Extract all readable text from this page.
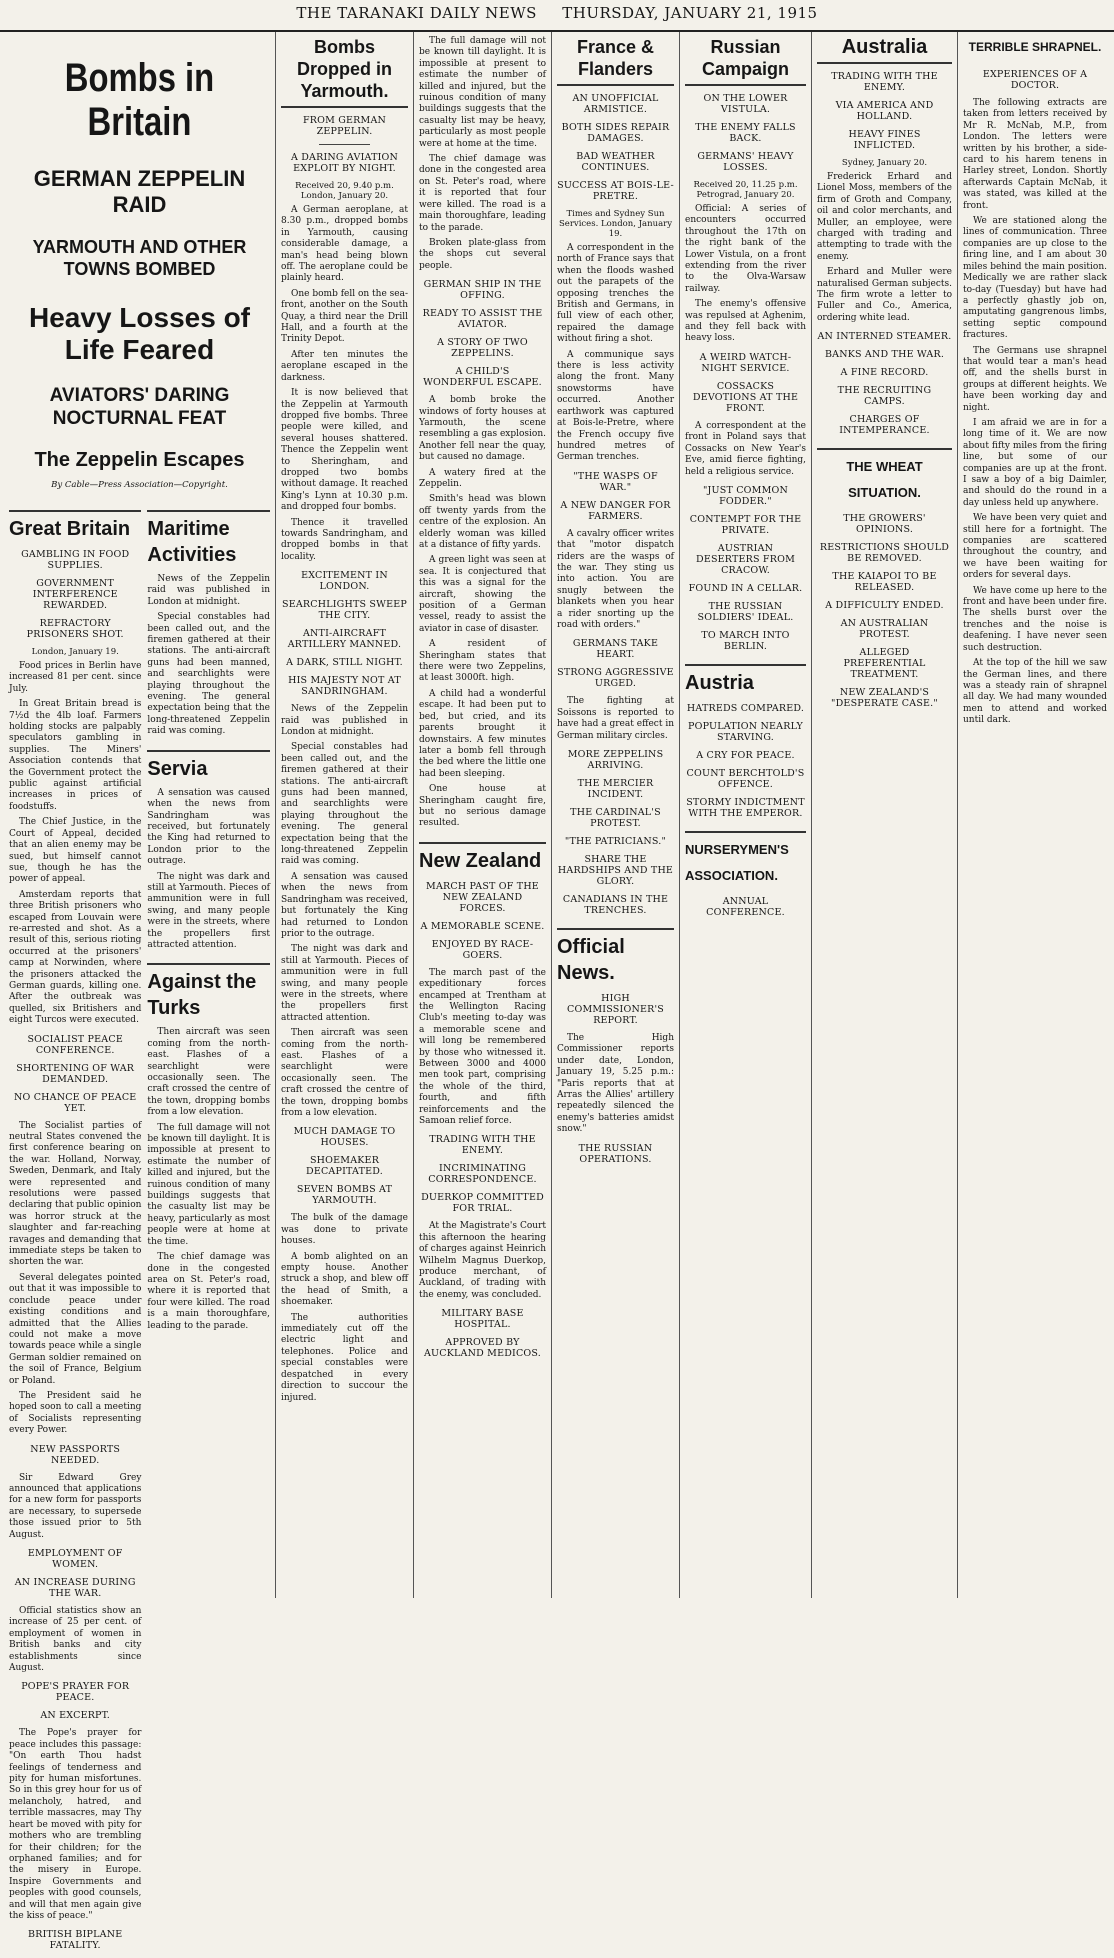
THE TARANAKI DAILY NEWS THURSDAY, JANUARY 21, 1915
Bombs in Britain
GERMAN ZEPPELIN RAID
YARMOUTH AND OTHER TOWNS BOMBED
Heavy Losses of Life Feared
AVIATORS' DARING NOCTURNAL FEAT
The Zeppelin Escapes
By Cable—Press Association—Copyright.
Great Britain
GAMBLING IN FOOD SUPPLIES.
GOVERNMENT INTERFERENCE REWARDED.
REFRACTORY PRISONERS SHOT.
London, January 19.

Food prices in Berlin have increased 81 per cent. since July.

In Great Britain bread is 7½d the 4lb loaf. Farmers holding stocks are palpably speculators gambling in supplies. The Miners' Association contends that the Government protect the public against artificial increases in prices of foodstuffs.

The Chief Justice, in the Court of Appeal, decided that an alien enemy may be sued, but himself cannot sue, though he has the power of appeal.

Amsterdam reports that three British prisoners who escaped from Louvain were re-arrested and shot. As a result of this, serious rioting occurred at the prisoners' camp at Norwinden, where the prisoners attacked the German guards, killing one. After the outbreak was quelled, six Britishers and eight Turcos were executed.

SOCIALIST PEACE CONFERENCE.
SHORTENING OF WAR DEMANDED.
NO CHANCE OF PEACE YET.

The Socialist parties of neutral States convened the first conference bearing on the war. Holland, Norway, Sweden, Denmark, and Italy were represented and resolutions were passed declaring that public opinion was horror struck at the slaughter and far-reaching ravages and demanding that immediate steps be taken to shorten the war.

Several delegates pointed out that it was impossible to conclude peace under existing conditions and admitted that the Allies could not make a move towards peace while a single German soldier remained on the soil of France, Belgium or Poland.

The President said he hoped soon to call a meeting of Socialists representing every Power.

NEW PASSPORTS NEEDED.

Sir Edward Grey announced that applications for a new form for passports are necessary, to supersede those issued prior to 5th August.

EMPLOYMENT OF WOMEN.
AN INCREASE DURING THE WAR.

Official statistics show an increase of 25 per cent. of employment of women in British banks and city establishments since August.

POPE'S PRAYER FOR PEACE.
AN EXCERPT.

The Pope's prayer for peace includes this passage: "On earth Thou hadst feelings of tenderness and pity for human misfortunes. So in this grey hour for us of melancholy, hatred, and terrible massacres, may Thy heart be moved with pity for mothers who are trembling for their children; for the orphaned families; and for the misery in Europe. Inspire Governments and peoples with good counsels, and will that men again give the kiss of peace."

BRITISH BIPLANE FATALITY.
Maritime Activities

News of the Zeppelin raid was published in London at midnight.

Special constables had been called out, and the firemen gathered at their stations. The anti-aircraft guns had been manned, and searchlights were playing throughout the evening. The general expectation being that the long-threatened Zeppelin raid was coming.

Servia

A sensation was caused when the news from Sandringham was received, but fortunately the King had returned to London prior to the outrage.

The night was dark and still at Yarmouth. Pieces of ammunition were in full swing, and many people were in the streets, where the propellers first attracted attention.

Against the Turks

Then aircraft was seen coming from the north-east. Flashes of a searchlight were occasionally seen. The craft crossed the centre of the town, dropping bombs from a low elevation.

The full damage will not be known till daylight. It is impossible at present to estimate the number of killed and injured, but the ruinous condition of many buildings suggests that the casualty list may be heavy, particularly as most people were at home at the time.

The chief damage was done in the congested area on St. Peter's road, where it is reported that four were killed. The road is a main thoroughfare, leading to the parade.

Bombs Dropped in Yarmouth.
FROM GERMAN ZEPPELIN.
A DARING AVIATION EXPLOIT BY NIGHT.
Received 20, 9.40 p.m. London, January 20.

A German aeroplane, at 8.30 p.m., dropped bombs in Yarmouth, causing considerable damage, a man's head being blown off. The aeroplane could be plainly heard.

One bomb fell on the sea-front, another on the South Quay, a third near the Drill Hall, and a fourth at the Trinity Depot.

After ten minutes the aeroplane escaped in the darkness.

It is now believed that the Zeppelin at Yarmouth dropped five bombs. Three people were killed, and several houses shattered. Thence the Zeppelin went to Sheringham, and dropped two bombs without damage. It reached King's Lynn at 10.30 p.m. and dropped four bombs.

Thence it travelled towards Sandringham, and dropped bombs in that locality.

EXCITEMENT IN LONDON.
SEARCHLIGHTS SWEEP THE CITY.
ANTI-AIRCRAFT ARTILLERY MANNED.
A DARK, STILL NIGHT.
HIS MAJESTY NOT AT SANDRINGHAM.

News of the Zeppelin raid was published in London at midnight.

Special constables had been called out, and the firemen gathered at their stations. The anti-aircraft guns had been manned, and searchlights were playing throughout the evening. The general expectation being that the long-threatened Zeppelin raid was coming.

A sensation was caused when the news from Sandringham was received, but fortunately the King had returned to London prior to the outrage.

The night was dark and still at Yarmouth. Pieces of ammunition were in full swing, and many people were in the streets, where the propellers first attracted attention.

Then aircraft was seen coming from the north-east. Flashes of a searchlight were occasionally seen. The craft crossed the centre of the town, dropping bombs from a low elevation.

MUCH DAMAGE TO HOUSES.
SHOEMAKER DECAPITATED.
SEVEN BOMBS AT YARMOUTH.

The bulk of the damage was done to private houses.

A bomb alighted on an empty house. Another struck a shop, and blew off the head of Smith, a shoemaker.

The authorities immediately cut off the electric light and telephones. Police and special constables were despatched in every direction to succour the injured.

The full damage will not be known till daylight. It is impossible at present to estimate the number of killed and injured, but the ruinous condition of many buildings suggests that the casualty list may be heavy, particularly as most people were at home at the time.

The chief damage was done in the congested area on St. Peter's road, where it is reported that four were killed. The road is a main thoroughfare, leading to the parade.

Broken plate-glass from the shops cut several people.

GERMAN SHIP IN THE OFFING.
READY TO ASSIST THE AVIATOR.
A STORY OF TWO ZEPPELINS.
A CHILD'S WONDERFUL ESCAPE.

A bomb broke the windows of forty houses at Yarmouth, the scene resembling a gas explosion. Another fell near the quay, but caused no damage.

A watery fired at the Zeppelin.

Smith's head was blown off twenty yards from the centre of the explosion. An elderly woman was killed at a distance of fifty yards.

A green light was seen at sea. It is conjectured that this was a signal for the aircraft, showing the position of a German vessel, ready to assist the aviator in case of disaster.

A resident of Sheringham states that there were two Zeppelins, at least 3000ft. high.

A child had a wonderful escape. It had been put to bed, but cried, and its parents brought it downstairs. A few minutes later a bomb fell through the bed where the little one had been sleeping.

One house at Sheringham caught fire, but no serious damage resulted.

New Zealand
MARCH PAST OF THE NEW ZEALAND FORCES.
A MEMORABLE SCENE.
ENJOYED BY RACE-GOERS.

The march past of the expeditionary forces encamped at Trentham at the Wellington Racing Club's meeting to-day was a memorable scene and will long be remembered by those who witnessed it. Between 3000 and 4000 men took part, comprising the whole of the third, fourth, and fifth reinforcements and the Samoan relief force.

TRADING WITH THE ENEMY.
INCRIMINATING CORRESPONDENCE.
DUERKOP COMMITTED FOR TRIAL.

At the Magistrate's Court this afternoon the hearing of charges against Heinrich Wilhelm Magnus Duerkop, produce merchant, of Auckland, of trading with the enemy, was concluded.

MILITARY BASE HOSPITAL.
APPROVED BY AUCKLAND MEDICOS.
France & Flanders
AN UNOFFICIAL ARMISTICE.
BOTH SIDES REPAIR DAMAGES.
BAD WEATHER CONTINUES.
SUCCESS AT BOIS-LE-PRETRE.
Times and Sydney Sun Services. London, January 19.

A correspondent in the north of France says that when the floods washed out the parapets of the opposing trenches the British and Germans, in full view of each other, repaired the damage without firing a shot.

A communique says there is less activity along the front. Many snowstorms have occurred. Another earthwork was captured at Bois-le-Pretre, where the French occupy five hundred metres of German trenches.

"THE WASPS OF WAR."
A NEW DANGER FOR FARMERS.

A cavalry officer writes that "motor dispatch riders are the wasps of the war. They sting us into action. You are snugly between the blankets when you hear a rider snorting up the road with orders."

GERMANS TAKE HEART.
STRONG AGGRESSIVE URGED.

The fighting at Soissons is reported to have had a great effect in German military circles.

MORE ZEPPELINS ARRIVING.
THE MERCIER INCIDENT.
THE CARDINAL'S PROTEST.
"THE PATRICIANS."
SHARE THE HARDSHIPS AND THE GLORY.
CANADIANS IN THE TRENCHES.
Official News.
HIGH COMMISSIONER'S REPORT.

The High Commissioner reports under date, London, January 19, 5.25 p.m.: "Paris reports that at Arras the Allies' artillery repeatedly silenced the enemy's batteries amidst snow."

THE RUSSIAN OPERATIONS.
Russian Campaign
ON THE LOWER VISTULA.
THE ENEMY FALLS BACK.
GERMANS' HEAVY LOSSES.
Received 20, 11.25 p.m. Petrograd, January 20.

Official: A series of encounters occurred throughout the 17th on the right bank of the Lower Vistula, on a front extending from the river to the Olva-Warsaw railway.

The enemy's offensive was repulsed at Aghenim, and they fell back with heavy loss.

A WEIRD WATCH-NIGHT SERVICE.
COSSACKS DEVOTIONS AT THE FRONT.

A correspondent at the front in Poland says that Cossacks on New Year's Eve, amid fierce fighting, held a religious service.

"JUST COMMON FODDER."
CONTEMPT FOR THE PRIVATE.
AUSTRIAN DESERTERS FROM CRACOW.
FOUND IN A CELLAR.
THE RUSSIAN SOLDIERS' IDEAL.
TO MARCH INTO BERLIN.
Austria
HATREDS COMPARED.
POPULATION NEARLY STARVING.
A CRY FOR PEACE.
COUNT BERCHTOLD'S OFFENCE.
STORMY INDICTMENT WITH THE EMPEROR.
NURSERYMEN'S ASSOCIATION.
ANNUAL CONFERENCE.
Australia
TRADING WITH THE ENEMY.
VIA AMERICA AND HOLLAND.
HEAVY FINES INFLICTED.
Sydney, January 20.

Frederick Erhard and Lionel Moss, members of the firm of Groth and Company, oil and color merchants, and Muller, an employee, were charged with trading and attempting to trade with the enemy.

Erhard and Muller were naturalised German subjects. The firm wrote a letter to Fuller and Co., America, ordering white lead.

AN INTERNED STEAMER.
BANKS AND THE WAR.
A FINE RECORD.
THE RECRUITING CAMPS.
CHARGES OF INTEMPERANCE.
THE WHEAT SITUATION.
THE GROWERS' OPINIONS.
RESTRICTIONS SHOULD BE REMOVED.
THE KAIAPOI TO BE RELEASED.
A DIFFICULTY ENDED.
AN AUSTRALIAN PROTEST.
ALLEGED PREFERENTIAL TREATMENT.
NEW ZEALAND'S "DESPERATE CASE."
TERRIBLE SHRAPNEL.
EXPERIENCES OF A DOCTOR.

The following extracts are taken from letters received by Mr R. McNab, M.P., from London. The letters were written by his brother, a side-card to his harem tenens in Harley street, London. Shortly afterwards Captain McNab, it was stated, was killed at the front.

We are stationed along the lines of communication. Three companies are up close to the firing line, and I am about 30 miles behind the main position. Medically we are rather slack to-day (Tuesday) but have had a perfectly ghastly job on, amputating gangrenous limbs, setting septic compound fractures.

The Germans use shrapnel that would tear a man's head off, and the shells burst in groups at different heights. We have been working day and night.

I am afraid we are in for a long time of it. We are now about fifty miles from the firing line, but some of our companies are up at the front. I saw a boy of a big Daimler, and should do the round in a day unless held up anywhere.

We have been very quiet and still here for a fortnight. The companies are scattered throughout the country, and we have been waiting for orders for several days.

We have come up here to the front and have been under fire. The shells burst over the trenches and the noise is deafening. I have never seen such destruction.

At the top of the hill we saw the German lines, and there was a steady rain of shrapnel all day. We had many wounded men to attend and worked until dark.
